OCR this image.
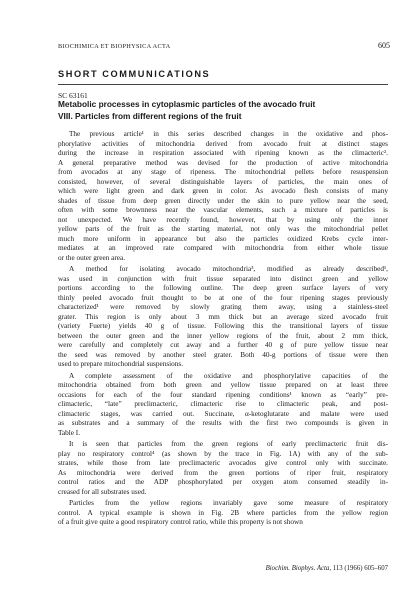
BIOCHIMICA ET BIOPHYSICA ACTA	605
SHORT COMMUNICATIONS
SC 63161
Metabolic processes in cytoplasmic particles of the avocado fruit
VIII. Particles from different regions of the fruit

The previous article¹ in this series described changes in the oxidative and phos-
phorylative activities of mitochondria derived from avocado fruit at distinct stages
during the increase in respiration associated with ripening known as the climacteric².
A general preparative method was devised for the production of active mitochondria
from avocados at any stage of ripeness. The mitochondrial pellets before resuspension
consisted, however, of several distinguishable layers of particles, the main ones of
which were light green and dark green in color. As avocado flesh consists of many
shades of tissue from deep green directly under the skin to pure yellow near the seed,
often with some brownness near the vascular elements, such a mixture of particles is
not unexpected. We have recently found, however, that by using only the inner
yellow parts of the fruit as the starting material, not only was the mitochondrial pellet
much more uniform in appearance but also the particles oxidized Krebs cycle inter-
mediates at an improved rate compared with mitochondria from either whole tissue
or the outer green area.

A method for isolating avocado mitochondria³, modified as already described¹,
was used in conjunction with fruit tissue separated into distinct green and yellow
portions according to the following outline. The deep green surface layers of very
thinly peeled avocado fruit thought to be at one of the four ripening stages previously
characterized¹ were removed by slowly grating them away, using a stainless-steel
grater. This region is only about 3 mm thick but an average sized avocado fruit
(variety Fuerte) yields 40 g of tissue. Following this the transitional layers of tissue
between the outer green and the inner yellow regions of the fruit, about 2 mm thick,
were carefully and completely cut away and a further 40 g of pure yellow tissue near
the seed was removed by another steel grater. Both 40-g portions of tissue were then
used to prepare mitochondrial suspensions.

A complete assessment of the oxidative and phosphorylative capacities of the
mitochondria obtained from both green and yellow tissue prepared on at least three
occasions for each of the four standard ripening conditions¹ known as “early” pre-
climacteric, “late” preclimacteric, climacteric rise to climacteric peak, and post-
climacteric stages, was carried out. Succinate, α-ketoglutarate and malate were used
as substrates and a summary of the results with the first two compounds is given in
Table I.

It is seen that particles from the green regions of early preclimacteric fruit dis-
play no respiratory control⁴ (as shown by the trace in Fig. 1A) with any of the sub-
strates, while those from late preclimacteric avocados give control only with succinate.
As mitochondria were derived from the green portions of riper fruit, respiratory
control ratios and the ADP phosphorylated per oxygen atom consumed steadily in-
creased for all substrates used.

Particles from the yellow regions invariably gave some measure of respiratory
control. A typical example is shown in Fig. 2B where particles from the yellow region
of a fruit give quite a good respiratory control ratio, while this property is not shown

Biochim. Biophys. Acta, 113 (1966) 605–607
